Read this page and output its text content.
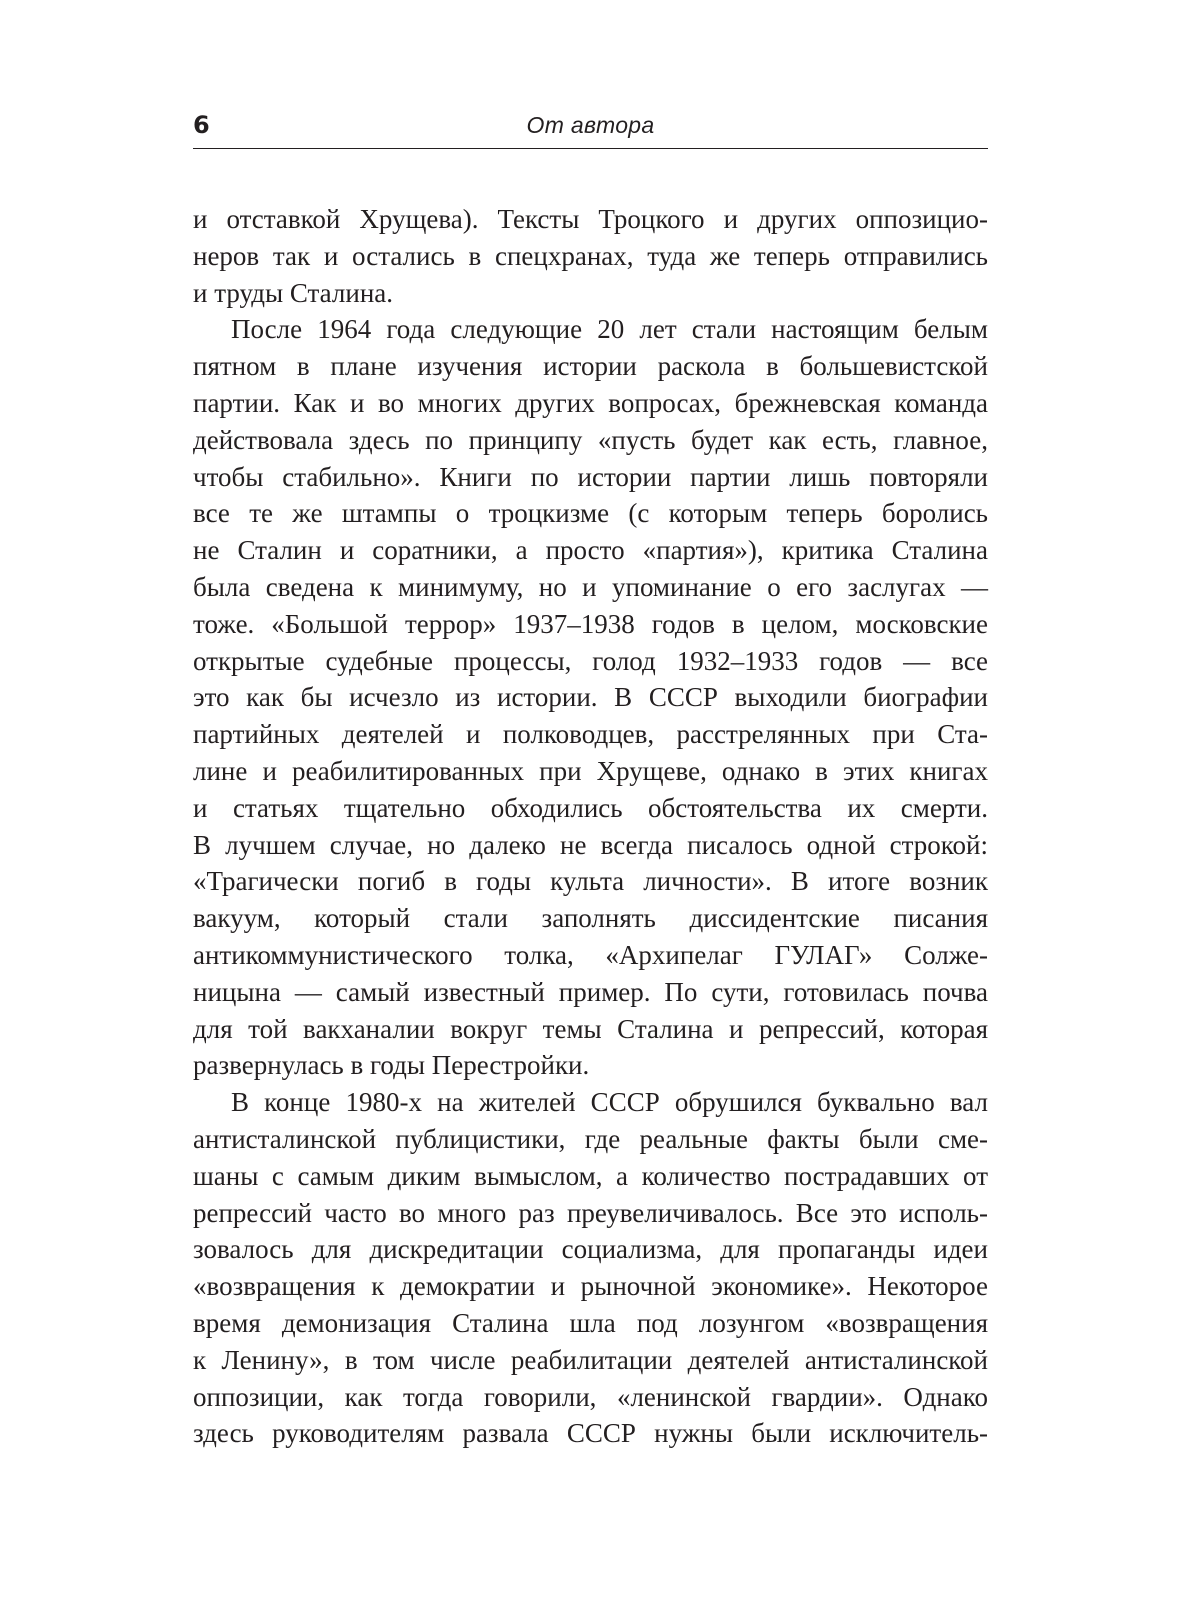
6	От автора
и отставкой Хрущева). Тексты Троцкого и других оппозицио-
неров так и остались в спецхранах, туда же теперь отправились
и труды Сталина.
После 1964 года следующие 20 лет стали настоящим белым
пятном в плане изучения истории раскола в большевистской
партии. Как и во многих других вопросах, брежневская команда
действовала здесь по принципу «пусть будет как есть, главное,
чтобы стабильно». Книги по истории партии лишь повторяли
все те же штампы о троцкизме (с которым теперь боролись
не Сталин и соратники, а просто «партия»), критика Сталина
была сведена к минимуму, но и упоминание о его заслугах —
тоже. «Большой террор» 1937–1938 годов в целом, московские
открытые судебные процессы, голод 1932–1933 годов — все
это как бы исчезло из истории. В СССР выходили биографии
партийных деятелей и полководцев, расстрелянных при Ста-
лине и реабилитированных при Хрущеве, однако в этих книгах
и статьях тщательно обходились обстоятельства их смерти.
В лучшем случае, но далеко не всегда писалось одной строкой:
«Трагически погиб в годы культа личности». В итоге возник
вакуум, который стали заполнять диссидентские писания
антикоммунистического толка, «Архипелаг ГУЛАГ» Солже-
ницына — самый известный пример. По сути, готовилась почва
для той вакханалии вокруг темы Сталина и репрессий, которая
развернулась в годы Перестройки.
В конце 1980-х на жителей СССР обрушился буквально вал
антисталинской публицистики, где реальные факты были сме-
шаны с самым диким вымыслом, а количество пострадавших от
репрессий часто во много раз преувеличивалось. Все это исполь-
зовалось для дискредитации социализма, для пропаганды идеи
«возвращения к демократии и рыночной экономике». Некоторое
время демонизация Сталина шла под лозунгом «возвращения
к Ленину», в том числе реабилитации деятелей антисталинской
оппозиции, как тогда говорили, «ленинской гвардии». Однако
здесь руководителям развала СССР нужны были исключитель-
